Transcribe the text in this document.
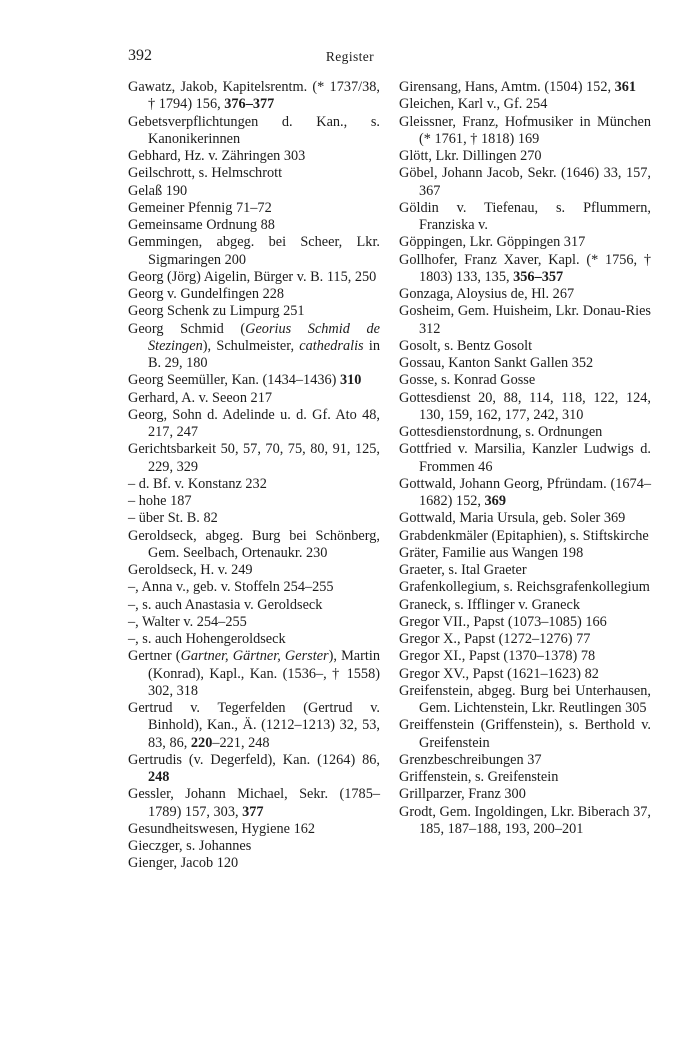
392	Register
Gawatz, Jakob, Kapitelsrentm. (* 1737/38, † 1794) 156, 376–377
Gebetsverpflichtungen d. Kan., s. Kanonikerinnen
Gebhard, Hz. v. Zähringen 303
Geilschrott, s. Helmschrott
Gelaß 190
Gemeiner Pfennig 71–72
Gemeinsame Ordnung 88
Gemmingen, abgeg. bei Scheer, Lkr. Sigmaringen 200
Georg (Jörg) Aigelin, Bürger v. B. 115, 250
Georg v. Gundelfingen 228
Georg Schenk zu Limpurg 251
Georg Schmid (Georius Schmid de Stezingen), Schulmeister, cathedralis in B. 29, 180
Georg Seemüller, Kan. (1434–1436) 310
Gerhard, A. v. Seeon 217
Georg, Sohn d. Adelinde u. d. Gf. Ato 48, 217, 247
Gerichtsbarkeit 50, 57, 70, 75, 80, 91, 125, 229, 329
– d. Bf. v. Konstanz 232
– hohe 187
– über St. B. 82
Geroldseck, abgeg. Burg bei Schönberg, Gem. Seelbach, Ortenaukr. 230
Geroldseck, H. v. 249
–, Anna v., geb. v. Stoffeln 254–255
–, s. auch Anastasia v. Geroldseck
–, Walter v. 254–255
–, s. auch Hohengeroldseck
Gertner (Gartner, Gärtner, Gerster), Martin (Konrad), Kapl., Kan. (1536–, † 1558) 302, 318
Gertrud v. Tegerfelden (Gertrud v. Binhold), Kan., Ä. (1212–1213) 32, 53, 83, 86, 220–221, 248
Gertrudis (v. Degerfeld), Kan. (1264) 86, 248
Gessler, Johann Michael, Sekr. (1785–1789) 157, 303, 377
Gesundheitswesen, Hygiene 162
Gieczger, s. Johannes
Gienger, Jacob 120
Girensang, Hans, Amtm. (1504) 152, 361
Gleichen, Karl v., Gf. 254
Gleissner, Franz, Hofmusiker in München (* 1761, † 1818) 169
Glött, Lkr. Dillingen 270
Göbel, Johann Jacob, Sekr. (1646) 33, 157, 367
Göldin v. Tiefenau, s. Pflummern, Franziska v.
Göppingen, Lkr. Göppingen 317
Gollhofer, Franz Xaver, Kapl. (* 1756, † 1803) 133, 135, 356–357
Gonzaga, Aloysius de, Hl. 267
Gosheim, Gem. Huisheim, Lkr. Donau-Ries 312
Gosolt, s. Bentz Gosolt
Gossau, Kanton Sankt Gallen 352
Gosse, s. Konrad Gosse
Gottesdienst 20, 88, 114, 118, 122, 124, 130, 159, 162, 177, 242, 310
Gottesdienstordnung, s. Ordnungen
Gottfried v. Marsilia, Kanzler Ludwigs d. Frommen 46
Gottwald, Johann Georg, Pfründam. (1674–1682) 152, 369
Gottwald, Maria Ursula, geb. Soler 369
Grabdenkmäler (Epitaphien), s. Stiftskirche
Gräter, Familie aus Wangen 198
Graeter, s. Ital Graeter
Grafenkollegium, s. Reichsgrafenkollegium
Graneck, s. Ifflinger v. Graneck
Gregor VII., Papst (1073–1085) 166
Gregor X., Papst (1272–1276) 77
Gregor XI., Papst (1370–1378) 78
Gregor XV., Papst (1621–1623) 82
Greifenstein, abgeg. Burg bei Unterhausen, Gem. Lichtenstein, Lkr. Reutlingen 305
Greiffenstein (Griffenstein), s. Berthold v. Greifenstein
Grenzbeschreibungen 37
Griffenstein, s. Greifenstein
Grillparzer, Franz 300
Grodt, Gem. Ingoldingen, Lkr. Biberach 37, 185, 187–188, 193, 200–201
